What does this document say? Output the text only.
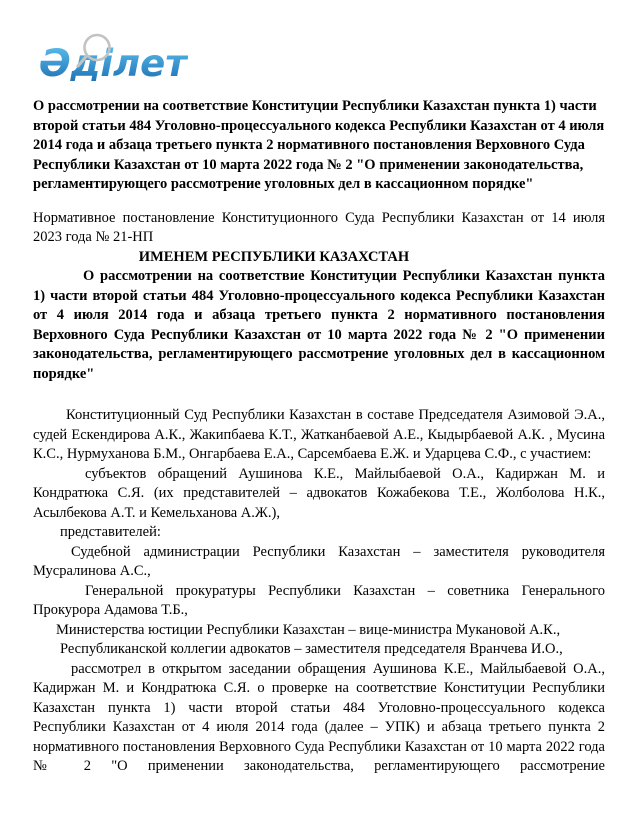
Әділет
О рассмотрении на соответствие Конституции Республики Казахстан пункта 1) части второй статьи 484 Уголовно-процессуального кодекса Республики Казахстан от 4 июля 2014 года и абзаца третьего пункта 2 нормативного постановления Верховного Суда Республики Казахстан от 10 марта 2022 года № 2 "О применении законодательства, регламентирующего рассмотрение уголовных дел в кассационном порядке"

Нормативное постановление Конституционного Суда Республики Казахстан от 14 июля 2023 года № 21-НП

ИМЕНЕМ РЕСПУБЛИКИ КАЗАХСТАН

О рассмотрении на соответствие Конституции Республики Казахстан пункта 1) части второй статьи 484 Уголовно-процессуального кодекса Республики Казахстан от 4 июля 2014 года и абзаца третьего пункта 2 нормативного постановления Верховного Суда Республики Казахстан от 10 марта 2022 года № 2 "О применении законодательства, регламентирующего рассмотрение уголовных дел в кассационном порядке"

Конституционный Суд Республики Казахстан в составе Председателя Азимовой Э.А., судей Ескендирова А.К., Жакипбаева К.Т., Жатканбаевой А.Е., Кыдырбаевой А.К. , Мусина К.С., Нурмуханова Б.М., Онгарбаева Е.А., Сарсембаева Е.Ж. и Ударцева С.Ф., с участием:

субъектов обращений Аушинова К.Е., Майлыбаевой О.А., Кадиржан М. и Кондратюка С.Я. (их представителей – адвокатов Кожабекова Т.Е., Жолболова Н.К., Асылбекова А.Т. и Кемельханова А.Ж.),

представителей:

Судебной администрации Республики Казахстан – заместителя руководителя Мусралинова А.С.,

Генеральной прокуратуры Республики Казахстан – советника Генерального Прокурора Адамова Т.Б.,

Министерства юстиции Республики Казахстан – вице-министра Мукановой А.К.,

Республиканской коллегии адвокатов – заместителя председателя Вранчева И.О.,

рассмотрел в открытом заседании обращения Аушинова К.Е., Майлыбаевой О.А., Кадиржан М. и Кондратюка С.Я. о проверке на соответствие Конституции Республики Казахстан пункта 1) части второй статьи 484 Уголовно-процессуального кодекса Республики Казахстан от 4 июля 2014 года (далее – УПК) и абзаца третьего пункта 2 нормативного постановления Верховного Суда Республики Казахстан от 10 марта 2022 года № 2 "О применении законодательства, регламентирующего рассмотрение
